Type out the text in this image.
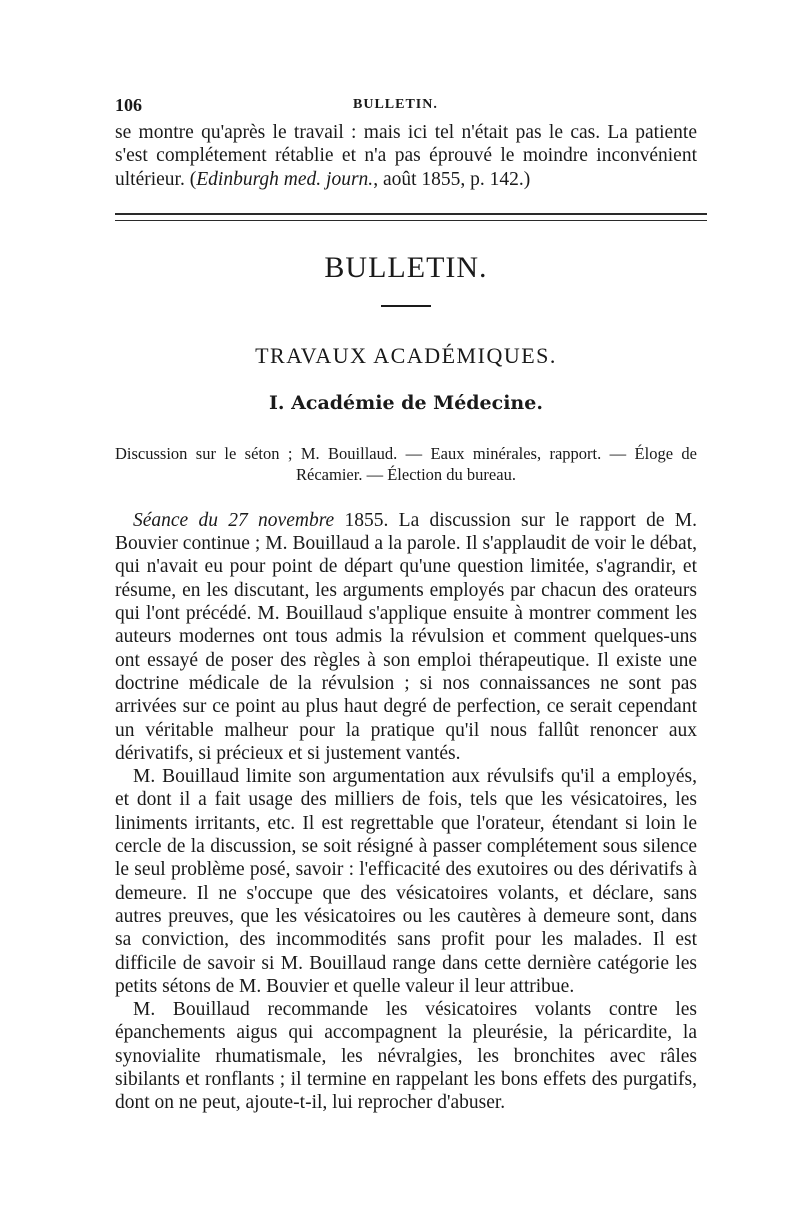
106	BULLETIN.

se montre qu'après le travail : mais ici tel n'était pas le cas. La patiente s'est complétement rétablie et n'a pas éprouvé le moindre inconvénient ultérieur. (Edinburgh med. journ., août 1855, p. 142.)

BULLETIN.
TRAVAUX ACADÉMIQUES.
I. Académie de Médecine.

Discussion sur le séton ; M. Bouillaud. — Eaux minérales, rapport. — Éloge de Récamier. — Élection du bureau.

Séance du 27 novembre 1855. La discussion sur le rapport de M. Bouvier continue ; M. Bouillaud a la parole. Il s'applaudit de voir le débat, qui n'avait eu pour point de départ qu'une question limitée, s'agrandir, et résume, en les discutant, les arguments employés par chacun des orateurs qui l'ont précédé. M. Bouillaud s'applique ensuite à montrer comment les auteurs modernes ont tous admis la révulsion et comment quelques-uns ont essayé de poser des règles à son emploi thérapeutique. Il existe une doctrine médicale de la révulsion ; si nos connaissances ne sont pas arrivées sur ce point au plus haut degré de perfection, ce serait cependant un véritable malheur pour la pratique qu'il nous fallût renoncer aux dérivatifs, si précieux et si justement vantés.

M. Bouillaud limite son argumentation aux révulsifs qu'il a employés, et dont il a fait usage des milliers de fois, tels que les vésicatoires, les liniments irritants, etc. Il est regrettable que l'orateur, étendant si loin le cercle de la discussion, se soit résigné à passer complétement sous silence le seul problème posé, savoir : l'efficacité des exutoires ou des dérivatifs à demeure. Il ne s'occupe que des vésicatoires volants, et déclare, sans autres preuves, que les vésicatoires ou les cautères à demeure sont, dans sa conviction, des incommodités sans profit pour les malades. Il est difficile de savoir si M. Bouillaud range dans cette dernière catégorie les petits sétons de M. Bouvier et quelle valeur il leur attribue.

M. Bouillaud recommande les vésicatoires volants contre les épanchements aigus qui accompagnent la pleurésie, la péricardite, la synovialite rhumatismale, les névralgies, les bronchites avec râles sibilants et ronflants ; il termine en rappelant les bons effets des purgatifs, dont on ne peut, ajoute-t-il, lui reprocher d'abuser.
